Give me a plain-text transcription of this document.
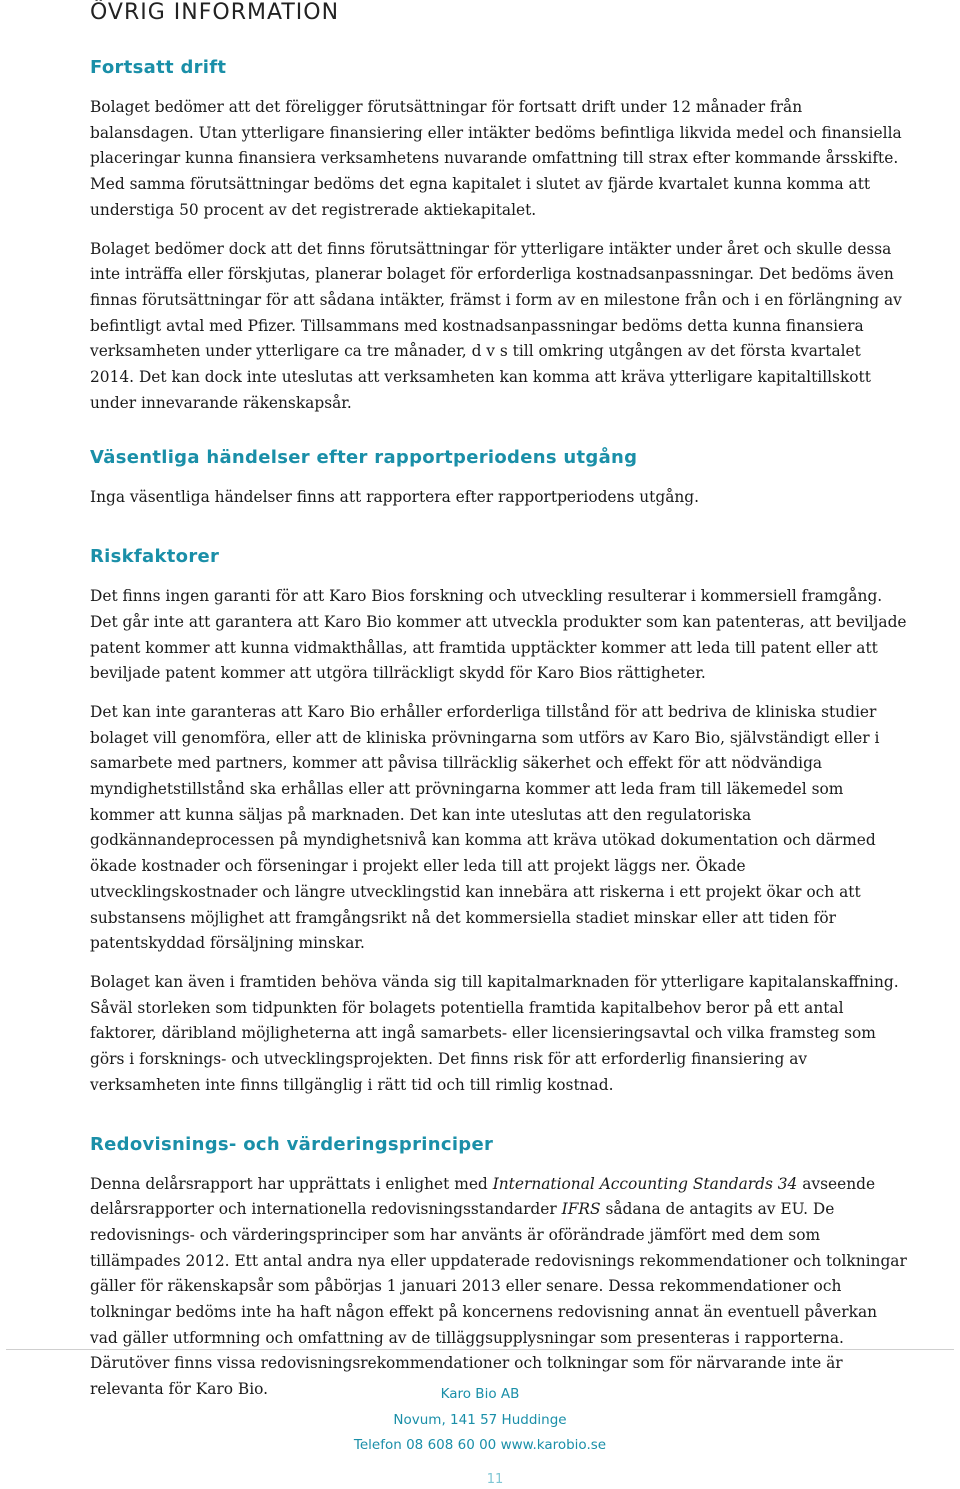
ÖVRIG INFORMATION
Fortsatt drift

Bolaget bedömer att det föreligger förutsättningar för fortsatt drift under 12 månader från balansdagen. Utan ytterligare finansiering eller intäkter bedöms befintliga likvida medel och finansiella placeringar kunna finansiera verksamhetens nuvarande omfattning till strax efter kommande årsskifte. Med samma förutsättningar bedöms det egna kapitalet i slutet av fjärde kvartalet kunna komma att understiga 50 procent av det registrerade aktiekapitalet.

Bolaget bedömer dock att det finns förutsättningar för ytterligare intäkter under året och skulle dessa inte inträffa eller förskjutas, planerar bolaget för erforderliga kostnadsanpassningar. Det bedöms även finnas förutsättningar för att sådana intäkter, främst i form av en milestone från och i en förlängning av befintligt avtal med Pfizer. Tillsammans med kostnadsanpassningar bedöms detta kunna finansiera verksamheten under ytterligare ca tre månader, d v s till omkring utgången av det första kvartalet 2014. Det kan dock inte uteslutas att verksamheten kan komma att kräva ytterligare kapitaltillskott under innevarande räkenskapsår.

Väsentliga händelser efter rapportperiodens utgång

Inga väsentliga händelser finns att rapportera efter rapportperiodens utgång.

Riskfaktorer

Det finns ingen garanti för att Karo Bios forskning och utveckling resulterar i kommersiell framgång. Det går inte att garantera att Karo Bio kommer att utveckla produkter som kan patenteras, att beviljade patent kommer att kunna vidmakthållas, att framtida upptäckter kommer att leda till patent eller att beviljade patent kommer att utgöra tillräckligt skydd för Karo Bios rättigheter.

Det kan inte garanteras att Karo Bio erhåller erforderliga tillstånd för att bedriva de kliniska studier bolaget vill genomföra, eller att de kliniska prövningarna som utförs av Karo Bio, självständigt eller i samarbete med partners, kommer att påvisa tillräcklig säkerhet och effekt för att nödvändiga myndighetstillstånd ska erhållas eller att prövningarna kommer att leda fram till läkemedel som kommer att kunna säljas på marknaden. Det kan inte uteslutas att den regulatoriska godkännandeprocessen på myndighetsnivå kan komma att kräva utökad dokumentation och därmed ökade kostnader och förseningar i projekt eller leda till att projekt läggs ner. Ökade utvecklingskostnader och längre utvecklingstid kan innebära att riskerna i ett projekt ökar och att substansens möjlighet att framgångsrikt nå det kommersiella stadiet minskar eller att tiden för patentskyddad försäljning minskar.

Bolaget kan även i framtiden behöva vända sig till kapitalmarknaden för ytterligare kapitalanskaffning. Såväl storleken som tidpunkten för bolagets potentiella framtida kapitalbehov beror på ett antal faktorer, däribland möjligheterna att ingå samarbets- eller licensieringsavtal och vilka framsteg som görs i forsknings- och utvecklingsprojekten. Det finns risk för att erforderlig finansiering av verksamheten inte finns tillgänglig i rätt tid och till rimlig kostnad.

Redovisnings- och värderingsprinciper

Denna delårsrapport har upprättats i enlighet med International Accounting Standards 34 avseende delårsrapporter och internationella redovisningsstandarder IFRS sådana de antagits av EU. De redovisnings- och värderingsprinciper som har använts är oförändrade jämfört med dem som tillämpades 2012. Ett antal andra nya eller uppdaterade redovisnings rekommendationer och tolkningar gäller för räkenskapsår som påbörjas 1 januari 2013 eller senare. Dessa rekommendationer och tolkningar bedöms inte ha haft någon effekt på koncernens redovisning annat än eventuell påverkan vad gäller utformning och omfattning av de tilläggsupplysningar som presenteras i rapporterna. Därutöver finns vissa redovisningsrekommendationer och tolkningar som för närvarande inte är relevanta för Karo Bio.	Karo Bio AB
Novum, 141 57 Huddinge
Telefon 08 608 60 00 www.karobio.se
11
